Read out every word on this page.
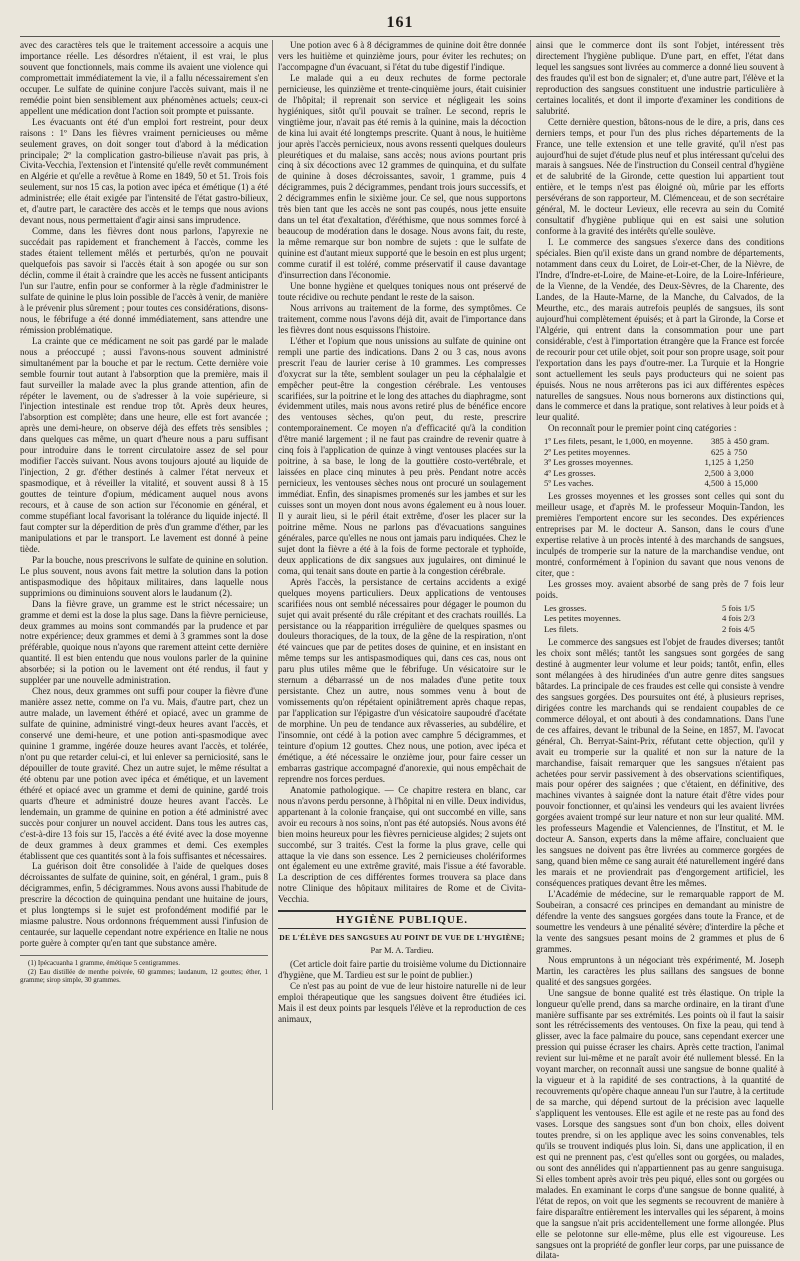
161

avec des caractères tels que le traitement accessoire a acquis une importance réelle. Les désordres n'étaient, il est vrai, le plus souvent que fonctionnels, mais comme ils avaient une violence qui compromettait immédiatement la vie, il a fallu nécessairement s'en occuper. Le sulfate de quinine conjure l'accès suivant, mais il ne remédie point bien sensiblement aux phénomènes actuels; ceux-ci appellent une médication dont l'action soit prompte et puissante.

Les évacuants ont été d'un emploi fort restreint, pour deux raisons : 1º Dans les fièvres vraiment pernicieuses ou même seulement graves, on doit songer tout d'abord à la médication principale; 2º la complication gastro-bilieuse n'avait pas pris, à Civita-Vecchia, l'extension et l'intensité qu'elle revêt communément en Algérie et qu'elle a revêtue à Rome en 1849, 50 et 51. Trois fois seulement, sur nos 15 cas, la potion avec ipéca et émétique (1) a été administrée; elle était exigée par l'intensité de l'état gastro-bilieux, et, d'autre part, le caractère des accès et le temps que nous avions devant nous, nous permettaient d'agir ainsi sans imprudence.

Comme, dans les fièvres dont nous parlons, l'apyrexie ne succédait pas rapidement et franchement à l'accès, comme les stades étaient tellement mêlés et perturbés, qu'on ne pouvait quelquefois pas savoir si l'accès était à son apogée ou sur son déclin, comme il était à craindre que les accès ne fussent anticipants l'un sur l'autre, enfin pour se conformer à la règle d'administrer le sulfate de quinine le plus loin possible de l'accès à venir, de manière à le prévenir plus sûrement ; pour toutes ces considérations, disons-nous, le fébrifuge a été donné immédiatement, sans attendre une rémission problématique.

La crainte que ce médicament ne soit pas gardé par le malade nous a préoccupé ; aussi l'avons-nous souvent administré simultanément par la bouche et par le rectum. Cette dernière voie semble fournir tout autant à l'absorption que la première, mais il faut surveiller la malade avec la plus grande attention, afin de répéter le lavement, ou de s'adresser à la voie supérieure, si l'injection intestinale est rendue trop tôt. Après deux heures, l'absorption est complète; dans une heure, elle est fort avancée ; après une demi-heure, on observe déjà des effets très sensibles ; dans quelques cas même, un quart d'heure nous a paru suffisant pour introduire dans le torrent circulatoire assez de sel pour modifier l'accès suivant. Nous avons toujours ajouté au liquide de l'injection, 2 gr. d'éther destinés à calmer l'état nerveux et spasmodique, et à réveiller la vitalité, et souvent aussi 8 à 15 gouttes de teinture d'opium, médicament auquel nous avons recours, et à cause de son action sur l'économie en général, et comme stupéfiant local favorisant la tolérance du liquide injecté. Il faut compter sur la déperdition de près d'un gramme d'éther, par les manipulations et par le transport. Le lavement est donné à peine tiède.

Par la bouche, nous prescrivons le sulfate de quinine en solution. Le plus souvent, nous avons fait mettre la solution dans la potion antispasmodique des hôpitaux militaires, dans laquelle nous supprimions ou diminuions souvent alors le laudanum (2).

Dans la fièvre grave, un gramme est le strict nécessaire; un gramme et demi est la dose la plus sage. Dans la fièvre pernicieuse, deux grammes au moins sont commandés par la prudence et par notre expérience; deux grammes et demi à 3 grammes sont la dose préférable, quoique nous n'ayons que rarement atteint cette dernière quantité. Il est bien entendu que nous voulons parler de la quinine absorbée; si la potion ou le lavement ont été rendus, il faut y suppléer par une nouvelle administration.

Chez nous, deux grammes ont suffi pour couper la fièvre d'une manière assez nette, comme on l'a vu. Mais, d'autre part, chez un autre malade, un lavement éthéré et opiacé, avec un gramme de sulfate de quinine, administré vingt-deux heures avant l'accès, et conservé une demi-heure, et une potion anti-spasmodique avec quinine 1 gramme, ingérée douze heures avant l'accès, et tolérée, n'ont pu que retarder celui-ci, et lui enlever sa perniciosité, sans le dépouiller de toute gravité. Chez un autre sujet, le même résultat a été obtenu par une potion avec ipéca et émétique, et un lavement éthéré et opiacé avec un gramme et demi de quinine, gardé trois quarts d'heure et administré douze heures avant l'accès. Le lendemain, un gramme de quinine en potion a été administré avec succès pour conjurer un nouvel accident. Dans tous les autres cas, c'est-à-dire 13 fois sur 15, l'accès a été évité avec la dose moyenne de deux grammes à deux grammes et demi. Ces exemples établissent que ces quantités sont à la fois suffisantes et nécessaires.

La guérison doit être consolidée à l'aide de quelques doses décroissantes de sulfate de quinine, soit, en général, 1 gram., puis 8 décigrammes, enfin, 5 décigrammes. Nous avons aussi l'habitude de prescrire la décoction de quinquina pendant une huitaine de jours, et plus longtemps si le sujet est profondément modifié par le miasme palustre. Nous ordonnons fréquemment aussi l'infusion de centaurée, sur laquelle cependant notre expérience en Italie ne nous porte guère à compter qu'en tant que substance amère.

(1) Ipécacuanha 1 gramme, émétique 5 centigrammes.

(2) Eau distillée de menthe poivrée, 60 grammes; laudanum, 12 gouttes; éther, 1 gramme; sirop simple, 30 grammes.

Une potion avec 6 à 8 décigrammes de quinine doit être donnée vers les huitième et quinzième jours, pour éviter les rechutes; on l'accompagne d'un évacuant, si l'état du tube digestif l'indique.

Le malade qui a eu deux rechutes de forme pectorale pernicieuse, les quinzième et trente-cinquième jours, était cuisinier de l'hôpital; il reprenait son service et négligeait les soins hygiéniques, sitôt qu'il pouvait se traîner. Le second, repris le vingtième jour, n'avait pas été remis à la quinine, mais la décoction de kina lui avait été longtemps prescrite. Quant à nous, le huitième jour après l'accès pernicieux, nous avons ressenti quelques douleurs pleurétiques et du malaise, sans accès; nous avions pourtant pris cinq à six décoctions avec 12 grammes de quinquina, et du sulfate de quinine à doses décroissantes, savoir, 1 gramme, puis 4 décigrammes, puis 2 décigrammes, pendant trois jours successifs, et 2 décigrammes enfin le sixième jour. Ce sel, que nous supportons très bien tant que les accès ne sont pas coupés, nous jette ensuite dans un tel état d'exaltation, d'éréthisme, que nous sommes forcé à beaucoup de modération dans le dosage. Nous avons fait, du reste, la même remarque sur bon nombre de sujets : que le sulfate de quinine est d'autant mieux supporté que le besoin en est plus urgent; comme curatif il est toléré, comme préservatif il cause davantage d'insurrection dans l'économie.

Une bonne hygiène et quelques toniques nous ont préservé de toute récidive ou rechute pendant le reste de la saison.

Nous arrivons au traitement de la forme, des symptômes. Ce traitement, comme nous l'avons déjà dit, avait de l'importance dans les fièvres dont nous esquissons l'histoire.

L'éther et l'opium que nous unissions au sulfate de quinine ont rempli une partie des indications. Dans 2 ou 3 cas, nous avons prescrit l'eau de laurier cerise à 10 grammes. Les compresses d'oxycrat sur la tête, semblent soulager un peu la céphalalgie et empêcher peut-être la congestion cérébrale. Les ventouses scarifiées, sur la poitrine et le long des attaches du diaphragme, sont évidemment utiles, mais nous avons retiré plus de bénéfice encore des ventouses sèches, qu'on peut, du reste, prescrire contemporainement. Ce moyen n'a d'efficacité qu'à la condition d'être manié largement ; il ne faut pas craindre de revenir quatre à cinq fois à l'application de quinze à vingt ventouses placées sur la poitrine, à sa base, le long de la gouttière costo-vertébrale, et laissées en place cinq minutes à peu près. Pendant notre accès pernicieux, les ventouses sèches nous ont procuré un soulagement immédiat. Enfin, des sinapismes promenés sur les jambes et sur les cuisses sont un moyen dont nous avons également eu à nous louer. Il y aurait lieu, si le péril était extrême, d'oser les placer sur la poitrine même. Nous ne parlons pas d'évacuations sanguines générales, parce qu'elles ne nous ont jamais paru indiquées. Chez le sujet dont la fièvre a été à la fois de forme pectorale et typhoïde, deux applications de dix sangsues aux jugulaires, ont diminué le coma, qui tenait sans doute en partie à la congestion cérébrale.

Après l'accès, la persistance de certains accidents a exigé quelques moyens particuliers. Deux applications de ventouses scarifiées nous ont semblé nécessaires pour dégager le poumon du sujet qui avait présenté du râle crépitant et des crachats rouillés. La persistance ou la réapparition irrégulière de quelques spasmes ou douleurs thoraciques, de la toux, de la gêne de la respiration, n'ont été vaincues que par de petites doses de quinine, et en insistant en même temps sur les antispasmodiques qui, dans ces cas, nous ont paru plus utiles même que le fébrifuge. Un vésicatoire sur le sternum a débarrassé un de nos malades d'une petite toux persistante. Chez un autre, nous sommes venu à bout de vomissements qu'on répétaient opiniâtrement après chaque repas, par l'application sur l'épigastre d'un vésicatoire saupoudré d'acétate de morphine. Un peu de tendance aux rêvasseries, au subdélire, et l'insomnie, ont cédé à la potion avec camphre 5 décigrammes, et teinture d'opium 12 gouttes. Chez nous, une potion, avec ipéca et émétique, a été nécessaire le onzième jour, pour faire cesser un embarras gastrique accompagné d'anorexie, qui nous empêchait de reprendre nos forces perdues.

Anatomie pathologique. — Ce chapitre restera en blanc, car nous n'avons perdu personne, à l'hôpital ni en ville. Deux individus, appartenant à la colonie française, qui ont succombé en ville, sans avoir eu recours à nos soins, n'ont pas été autopsiés. Nous avons été bien moins heureux pour les fièvres pernicieuse algides; 2 sujets ont succombé, sur 3 traités. C'est la forme la plus grave, celle qui attaque la vie dans son essence. Les 2 pernicieuses cholériformes ont également eu une extrême gravité, mais l'issue a été favorable. La description de ces différentes formes trouvera sa place dans notre Clinique des hôpitaux militaires de Rome et de Civita-Vecchia.

HYGIÈNE PUBLIQUE.
DE L'ÉLÈVE DES SANGSUES AU POINT DE VUE DE L'HYGIÈNE;
Par M. A. Tardieu.

(Cet article doit faire partie du troisième volume du Dictionnaire d'hygiène, que M. Tardieu est sur le point de publier.)

Ce n'est pas au point de vue de leur histoire naturelle ni de leur emploi thérapeutique que les sangsues doivent être étudiées ici. Mais il est deux points par lesquels l'élève et la reproduction de ces animaux,

ainsi que le commerce dont ils sont l'objet, intéressent très directement l'hygiène publique. D'une part, en effet, l'état dans lequel les sangsues sont livrées au commerce a donné lieu souvent à des fraudes qu'il est bon de signaler; et, d'une autre part, l'élève et la reproduction des sangsues constituent une industrie particulière à certaines localités, et dont il importe d'examiner les conditions de salubrité.

Cette dernière question, bâtons-nous de le dire, a pris, dans ces derniers temps, et pour l'un des plus riches départements de la France, une telle extension et une telle gravité, qu'il n'est pas aujourd'hui de sujet d'étude plus neuf et plus intéressant qu'celui des marais à sangsues. Née de l'instruction du Conseil central d'hygiène et de salubrité de la Gironde, cette question lui appartient tout entière, et le temps n'est pas éloigné où, mûrie par les efforts persévérans de son rapporteur, M. Clémenceau, et de son secrétaire général, M. le docteur Levieux, elle recevra au sein du Comité consultatif d'hygiène publique qui en est saisi une solution conforme à la gravité des intérêts qu'elle soulève.

I. Le commerce des sangsues s'exerce dans des conditions spéciales. Bien qu'il existe dans un grand nombre de départements, notamment dans ceux du Loiret, de Loir-et-Cher, de la Nièvre, de l'Indre, d'Indre-et-Loire, de Maine-et-Loire, de la Loire-Inférieure, de la Vienne, de la Vendée, des Deux-Sèvres, de la Charente, des Landes, de la Haute-Marne, de la Manche, du Calvados, de la Meurthe, etc., des marais autrefois peuplés de sangsues, ils sont aujourd'hui complètement épuisés; et à part la Gironde, la Corse et l'Algérie, qui entrent dans la consommation pour une part considérable, c'est à l'importation étrangère que la France est forcée de recourir pour cet utile objet, soit pour son propre usage, soit pour l'exportation dans les pays d'outre-mer. La Turquie et la Hongrie sont actuellement les seuls pays producteurs qui ne soient pas épuisés. Nous ne nous arrêterons pas ici aux différentes espèces naturelles de sangsues. Nous nous bornerons aux distinctions qui, dans le commerce et dans la pratique, sont relatives à leur poids et à leur qualité.

On reconnaît pour le premier point cinq catégories :

1º Les filets, pesant, le 1,000, en moyenne.	385 à 450 gram.
2º Les petites moyennes.	625 à 750
3º Les grosses moyennes.	1,125 à 1,250
4º Les grosses.	2,500 à 3,000
5º Les vaches.	4,500 à 15,000

Les grosses moyennes et les grosses sont celles qui sont du meilleur usage, et d'après M. le professeur Moquin-Tandon, les premières l'emportent encore sur les secondes. Des expériences entreprises par M. le docteur A. Sanson, dans le cours d'une expertise relative à un procès intenté à des marchands de sangsues, inculpés de tromperie sur la nature de la marchandise vendue, ont montré, conformément à l'opinion du savant que nous venons de citer, que :

Les grosses moy. avaient absorbé de sang près de 7 fois leur poids.

Les grosses.	5 fois 1/5
Les petites moyennes.	4 fois 2/3
Les filets.	2 fois 4/5

Le commerce des sangsues est l'objet de fraudes diverses; tantôt les choix sont mêlés; tantôt les sangsues sont gorgées de sang destiné à augmenter leur volume et leur poids; tantôt, enfin, elles sont mélangées à des hirudinées d'un autre genre dites sangsues bâtardes. La principale de ces fraudes est celle qui consiste à vendre des sangsues gorgées. Des poursuites ont été, à plusieurs reprises, dirigées contre les marchands qui se rendaient coupables de ce commerce déloyal, et ont abouti à des condamnations. Dans l'une de ces affaires, devant le tribunal de la Seine, en 1857, M. l'avocat général, Ch. Berryat-Saint-Prix, réfutant cette objection, qu'il y avait eu tromperie sur la qualité et non sur la nature de la marchandise, faisait remarquer que les sangsues n'étaient pas achetées pour servir passivement à des observations scientifiques, mais pour opérer des saignées ; que c'étaient, en définitive, des machines vivantes à saignée dont la nature était d'être vides pour pouvoir fonctionner, et qu'ainsi les vendeurs qui les avaient livrées gorgées avaient trompé sur leur nature et non sur leur qualité. MM. les professeurs Magendie et Valenciennes, de l'Institut, et M. le docteur A. Sanson, experts dans la même affaire, concluaient que les sangsues ne doivent pas être livrées au commerce gorgées de sang, quand bien même ce sang aurait été naturellement ingéré dans les marais et ne proviendrait pas d'engorgement artificiel, les conséquences pratiques devant être les mêmes.

L'Académie de médecine, sur le remarquable rapport de M. Soubeiran, a consacré ces principes en demandant au ministre de défendre la vente des sangsues gorgées dans toute la France, et de soumettre les vendeurs à une pénalité sévère; d'interdire la pêche et la vente des sangsues pesant moins de 2 grammes et plus de 6 grammes.

Nous empruntons à un négociant très expérimenté, M. Joseph Martin, les caractères les plus saillans des sangsues de bonne qualité et des sangsues gorgées.

Une sangsue de bonne qualité est très élastique. On triple la longueur qu'elle prend, dans sa marche ordinaire, en la tirant d'une manière suffisante par ses extrémités. Les points où il faut la saisir sont les rétrécissements des ventouses. On fixe la peau, qui tend à glisser, avec la face palmaire du pouce, sans cependant exercer une pression qui puisse écraser les chairs. Après cette traction, l'animal revient sur lui-même et ne paraît avoir été nullement blessé. En la voyant marcher, on reconnaît aussi une sangsue de bonne qualité à la vigueur et à la rapidité de ses contractions, à la quantité de recouvrements qu'opère chaque anneau l'un sur l'autre, à la certitude de sa marche, qui dépend surtout de la précision avec laquelle s'appliquent les ventouses. Elle est agile et ne reste pas au fond des vases. Lorsque des sangsues sont d'un bon choix, elles doivent toutes prendre, si on les applique avec les soins convenables, tels qu'ils se trouvent indiqués plus loin. Si, dans une application, il en est qui ne prennent pas, c'est qu'elles sont ou gorgées, ou malades, ou sont des annélides qui n'appartiennent pas au genre sanguisuga. Si elles tombent après avoir très peu piqué, elles sont ou gorgées ou malades. En examinant le corps d'une sangsue de bonne qualité, à l'état de repos, on voit que les segments se recouvrent de manière à faire disparaître entièrement les intervalles qui les séparent, à moins que la sangsue n'ait pris accidentellement une forme allongée. Plus elle se pelotonne sur elle-même, plus elle est vigoureuse. Les sangsues ont la propriété de gonfler leur corps, par une puissance de dilata-
